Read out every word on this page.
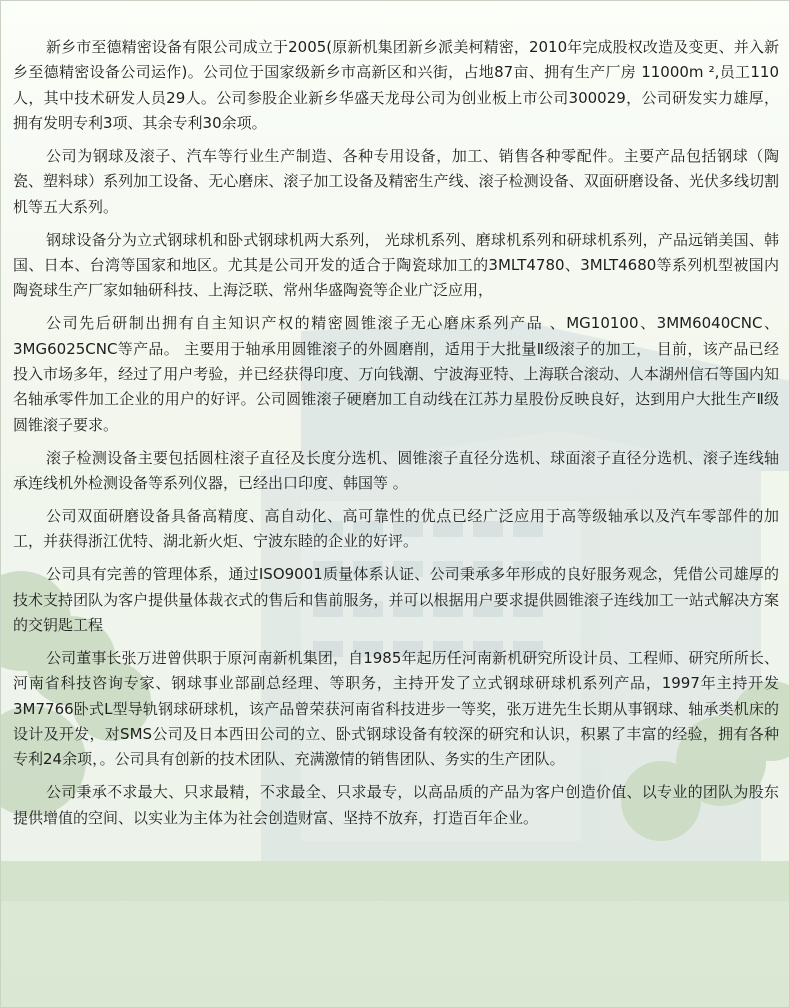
新乡市至德精密设备有限公司成立于2005(原新机集团新乡派美柯精密，2010年完成股权改造及变更、并入新乡至德精密设备公司运作)。公司位于国家级新乡市高新区和兴街，占地87亩、拥有生产厂房 11000m ²,员工110人，其中技术研发人员29人。公司参股企业新乡华盛天龙母公司为创业板上市公司300029，公司研发实力雄厚，拥有发明专利3项、其余专利30余项。

公司为钢球及滚子、汽车等行业生产制造、各种专用设备，加工、销售各种零配件。主要产品包括钢球（陶瓷、塑料球）系列加工设备、无心磨床、滚子加工设备及精密生产线、滚子检测设备、双面研磨设备、光伏多线切割机等五大系列。

钢球设备分为立式钢球机和卧式钢球机两大系列， 光球机系列、磨球机系列和研球机系列，产品远销美国、韩国、日本、台湾等国家和地区。尤其是公司开发的适合于陶瓷球加工的3MLT4780、3MLT4680等系列机型被国内陶瓷球生产厂家如轴研科技、上海泛联、常州华盛陶瓷等企业广泛应用，

公司先后研制出拥有自主知识产权的精密圆锥滚子无心磨床系列产品 、MG10100、3MM6040CNC、3MG6025CNC等产品。 主要用于轴承用圆锥滚子的外圆磨削，适用于大批量Ⅱ级滚子的加工， 目前，该产品已经投入市场多年，经过了用户考验，并已经获得印度、万向钱潮、宁波海亚特、上海联合滚动、人本湖州信石等国内知名轴承零件加工企业的用户的好评。公司圆锥滚子硬磨加工自动线在江苏力星股份反映良好，达到用户大批生产Ⅱ级圆锥滚子要求。

滚子检测设备主要包括圆柱滚子直径及长度分选机、圆锥滚子直径分选机、球面滚子直径分选机、滚子连线轴承连线机外检测设备等系列仪器，已经出口印度、韩国等 。

公司双面研磨设备具备高精度、高自动化、高可靠性的优点已经广泛应用于高等级轴承以及汽车零部件的加工，并获得浙江优特、湖北新火炬、宁波东睦的企业的好评。

公司具有完善的管理体系，通过ISO9001质量体系认证、公司秉承多年形成的良好服务观念，凭借公司雄厚的技术支持团队为客户提供量体裁衣式的售后和售前服务，并可以根据用户要求提供圆锥滚子连线加工一站式解决方案的交钥匙工程

公司董事长张万进曾供职于原河南新机集团，自1985年起历任河南新机研究所设计员、工程师、研究所所长、河南省科技咨询专家、钢球事业部副总经理、等职务，主持开发了立式钢球研球机系列产品，1997年主持开发3M7766卧式L型导轨钢球研球机，该产品曾荣获河南省科技进步一等奖，张万进先生长期从事钢球、轴承类机床的设计及开发，对SMS公司及日本西田公司的立、卧式钢球设备有较深的研究和认识，积累了丰富的经验，拥有各种专利24余项，。公司具有创新的技术团队、充满激情的销售团队、务实的生产团队。

公司秉承不求最大、只求最精，不求最全、只求最专，以高品质的产品为客户创造价值、以专业的团队为股东提供增值的空间、以实业为主体为社会创造财富、坚持不放弃，打造百年企业。
